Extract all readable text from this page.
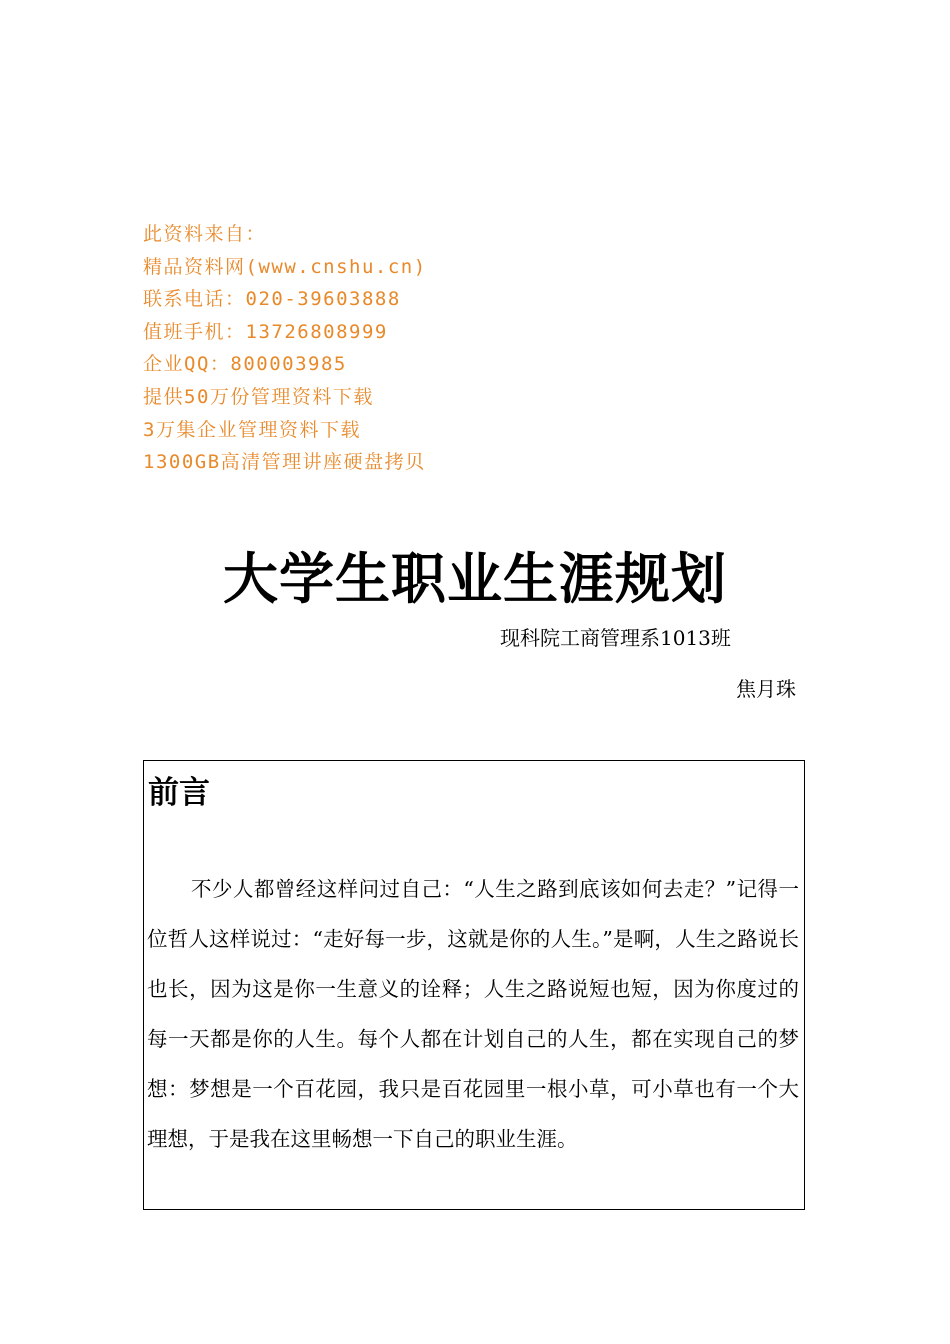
此资料来自：
精品资料网(www.cnshu.cn)
联系电话：020-39603888
值班手机：13726808999
企业QQ：800003985
提供50万份管理资料下载
3万集企业管理资料下载
1300GB高清管理讲座硬盘拷贝
大学生职业生涯规划
现科院工商管理系1013班
焦月珠
前言

不少人都曾经这样问过自己：“人生之路到底该如何去走？”记得一位哲人这样说过：“走好每一步，这就是你的人生。”是啊，人生之路说长也长，因为这是你一生意义的诠释；人生之路说短也短，因为你度过的每一天都是你的人生。每个人都在计划自己的人生，都在实现自己的梦想：梦想是一个百花园，我只是百花园里一根小草，可小草也有一个大理想，于是我在这里畅想一下自己的职业生涯。
